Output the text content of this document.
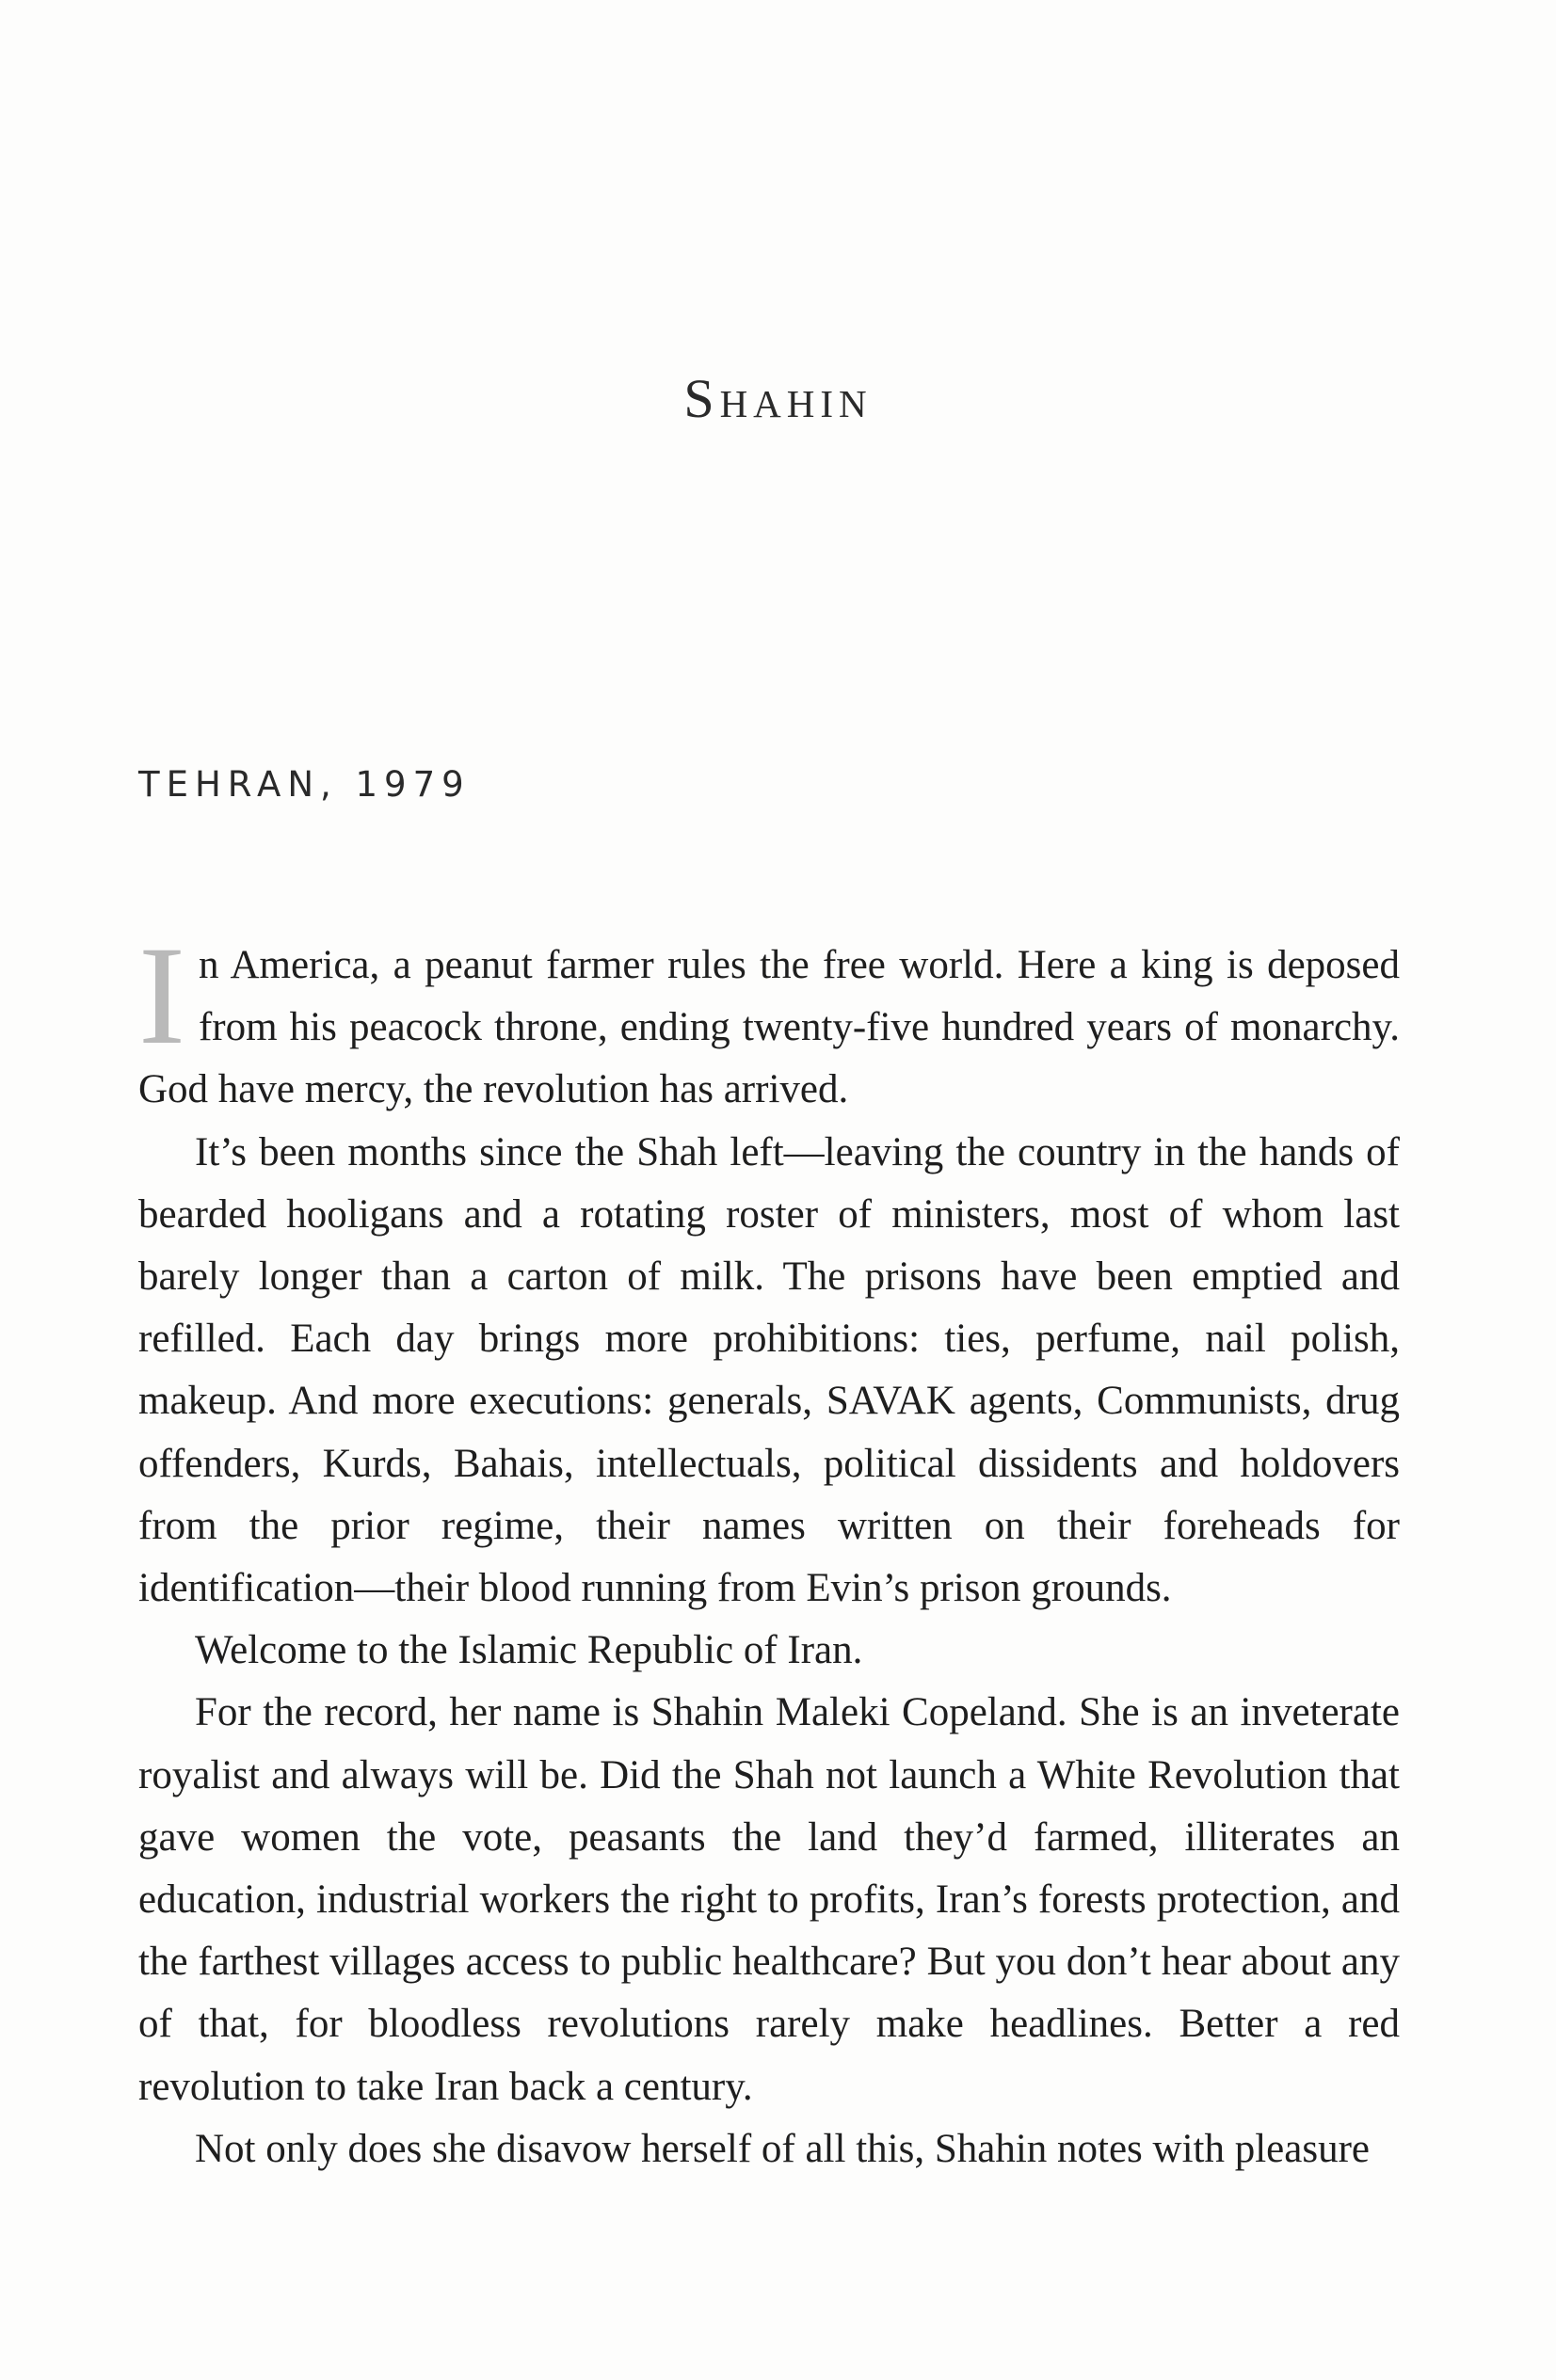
Shahin
TEHRAN, 1979

In America, a peanut farmer rules the free world. Here a king is deposed from his peacock throne, ending twenty-five hundred years of monarchy. God have mercy, the revolution has arrived.

It’s been months since the Shah left—leaving the country in the hands of bearded hooligans and a rotating roster of ministers, most of whom last barely longer than a carton of milk. The prisons have been emptied and refilled. Each day brings more prohibitions: ties, perfume, nail polish, makeup. And more executions: generals, SAVAK agents, Communists, drug offenders, Kurds, Bahais, intellectuals, political dissidents and holdovers from the prior regime, their names written on their foreheads for identification—their blood running from Evin’s prison grounds.

Welcome to the Islamic Republic of Iran.

For the record, her name is Shahin Maleki Copeland. She is an inveterate royalist and always will be. Did the Shah not launch a White Revolution that gave women the vote, peasants the land they’d farmed, illiterates an education, industrial workers the right to profits, Iran’s forests protection, and the farthest villages access to public healthcare? But you don’t hear about any of that, for bloodless revolutions rarely make headlines. Better a red revolution to take Iran back a century.

Not only does she disavow herself of all this, Shahin notes with pleasure
